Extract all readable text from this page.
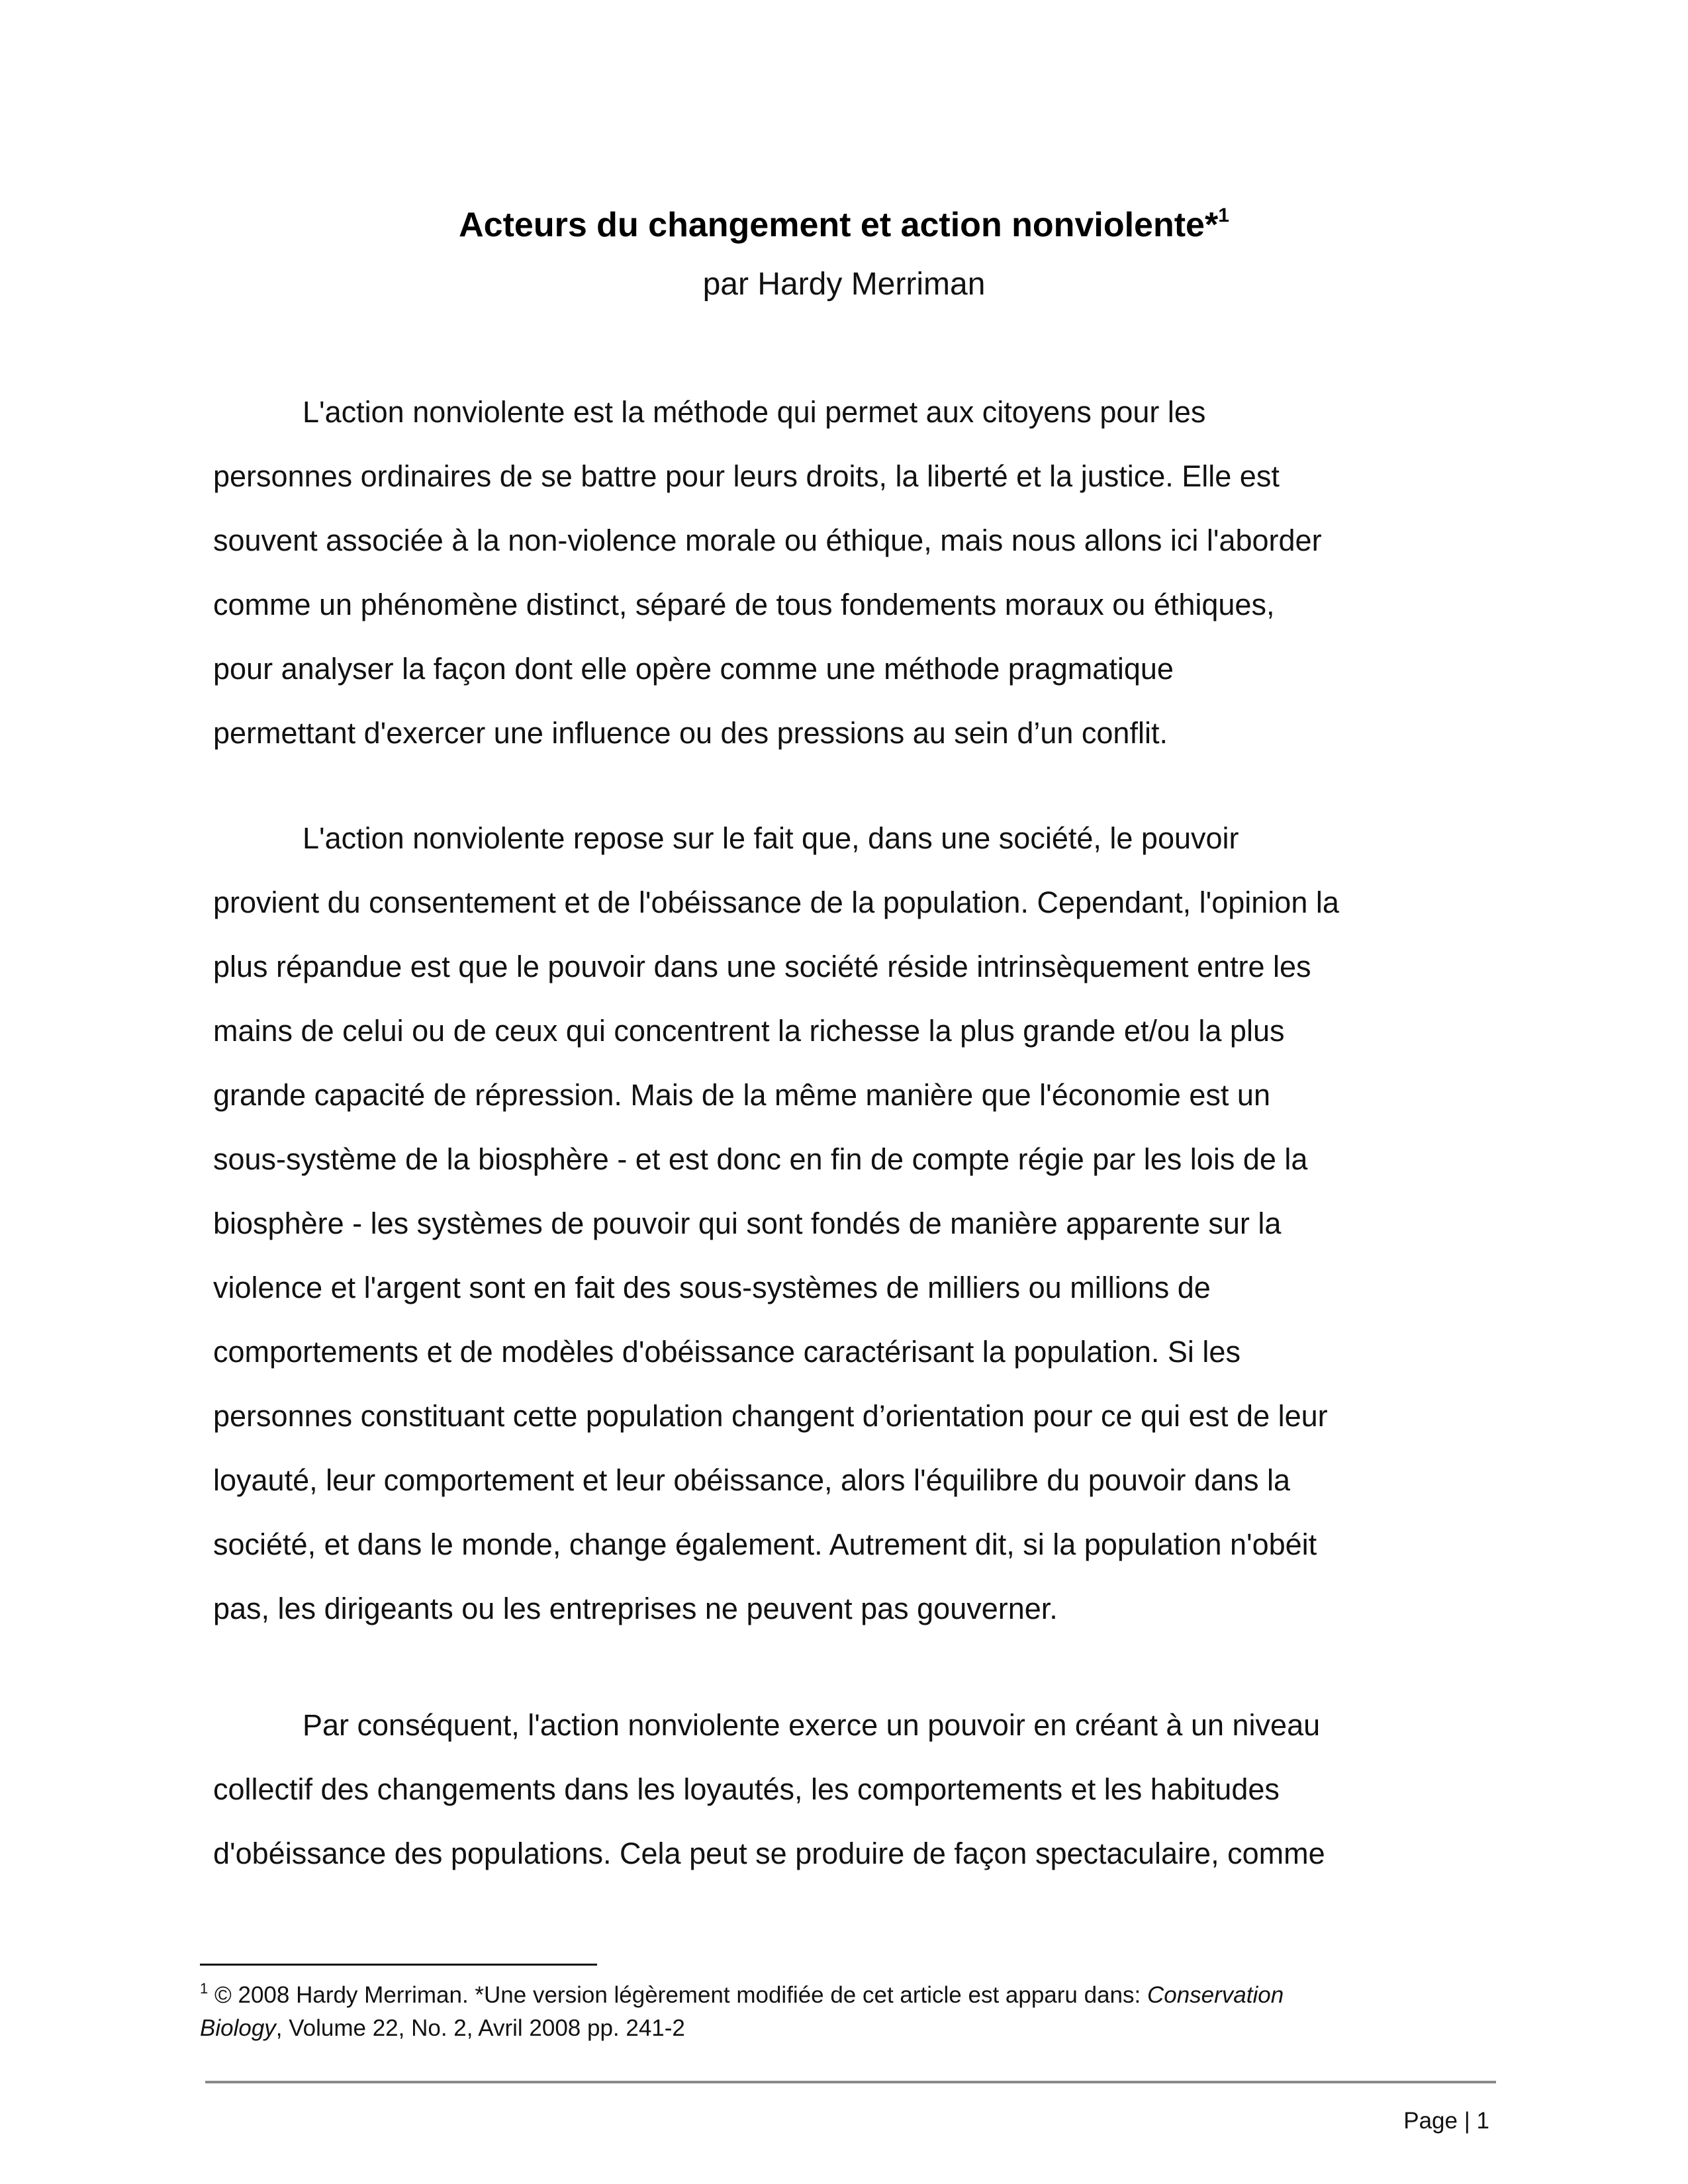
Acteurs du changement et action nonviolente*$^1$
par Hardy Merriman
L'action nonviolente est la méthode qui permet aux citoyens pour les
personnes ordinaires de se battre pour leurs droits, la liberté et la justice. Elle est
souvent associée à la non-violence morale ou éthique, mais nous allons ici l'aborder
comme un phénomène distinct, séparé de tous fondements moraux ou éthiques,
pour analyser la façon dont elle opère comme une méthode pragmatique
permettant d'exercer une influence ou des pressions au sein d’un conflit.
L'action nonviolente repose sur le fait que, dans une société, le pouvoir
provient du consentement et de l'obéissance de la population. Cependant, l'opinion la
plus répandue est que le pouvoir dans une société réside intrinsèquement entre les
mains de celui ou de ceux qui concentrent la richesse la plus grande et/ou la plus
grande capacité de répression. Mais de la même manière que l'économie est un
sous-système de la biosphère - et est donc en fin de compte régie par les lois de la
biosphère - les systèmes de pouvoir qui sont fondés de manière apparente sur la
violence et l'argent sont en fait des sous-systèmes de milliers ou millions de
comportements et de modèles d'obéissance caractérisant la population. Si les
personnes constituant cette population changent d’orientation pour ce qui est de leur
loyauté, leur comportement et leur obéissance, alors l'équilibre du pouvoir dans la
société, et dans le monde, change également. Autrement dit, si la population n'obéit
pas, les dirigeants ou les entreprises ne peuvent pas gouverner.
Par conséquent, l'action nonviolente exerce un pouvoir en créant à un niveau
collectif des changements dans les loyautés, les comportements et les habitudes
d'obéissance des populations. Cela peut se produire de façon spectaculaire, comme
$^1$ © 2008 Hardy Merriman. *Une version légèrement modifiée de cet article est apparu dans: Conservation
Biology, Volume 22, No. 2, Avril 2008 pp. 241-2
Page | 1
